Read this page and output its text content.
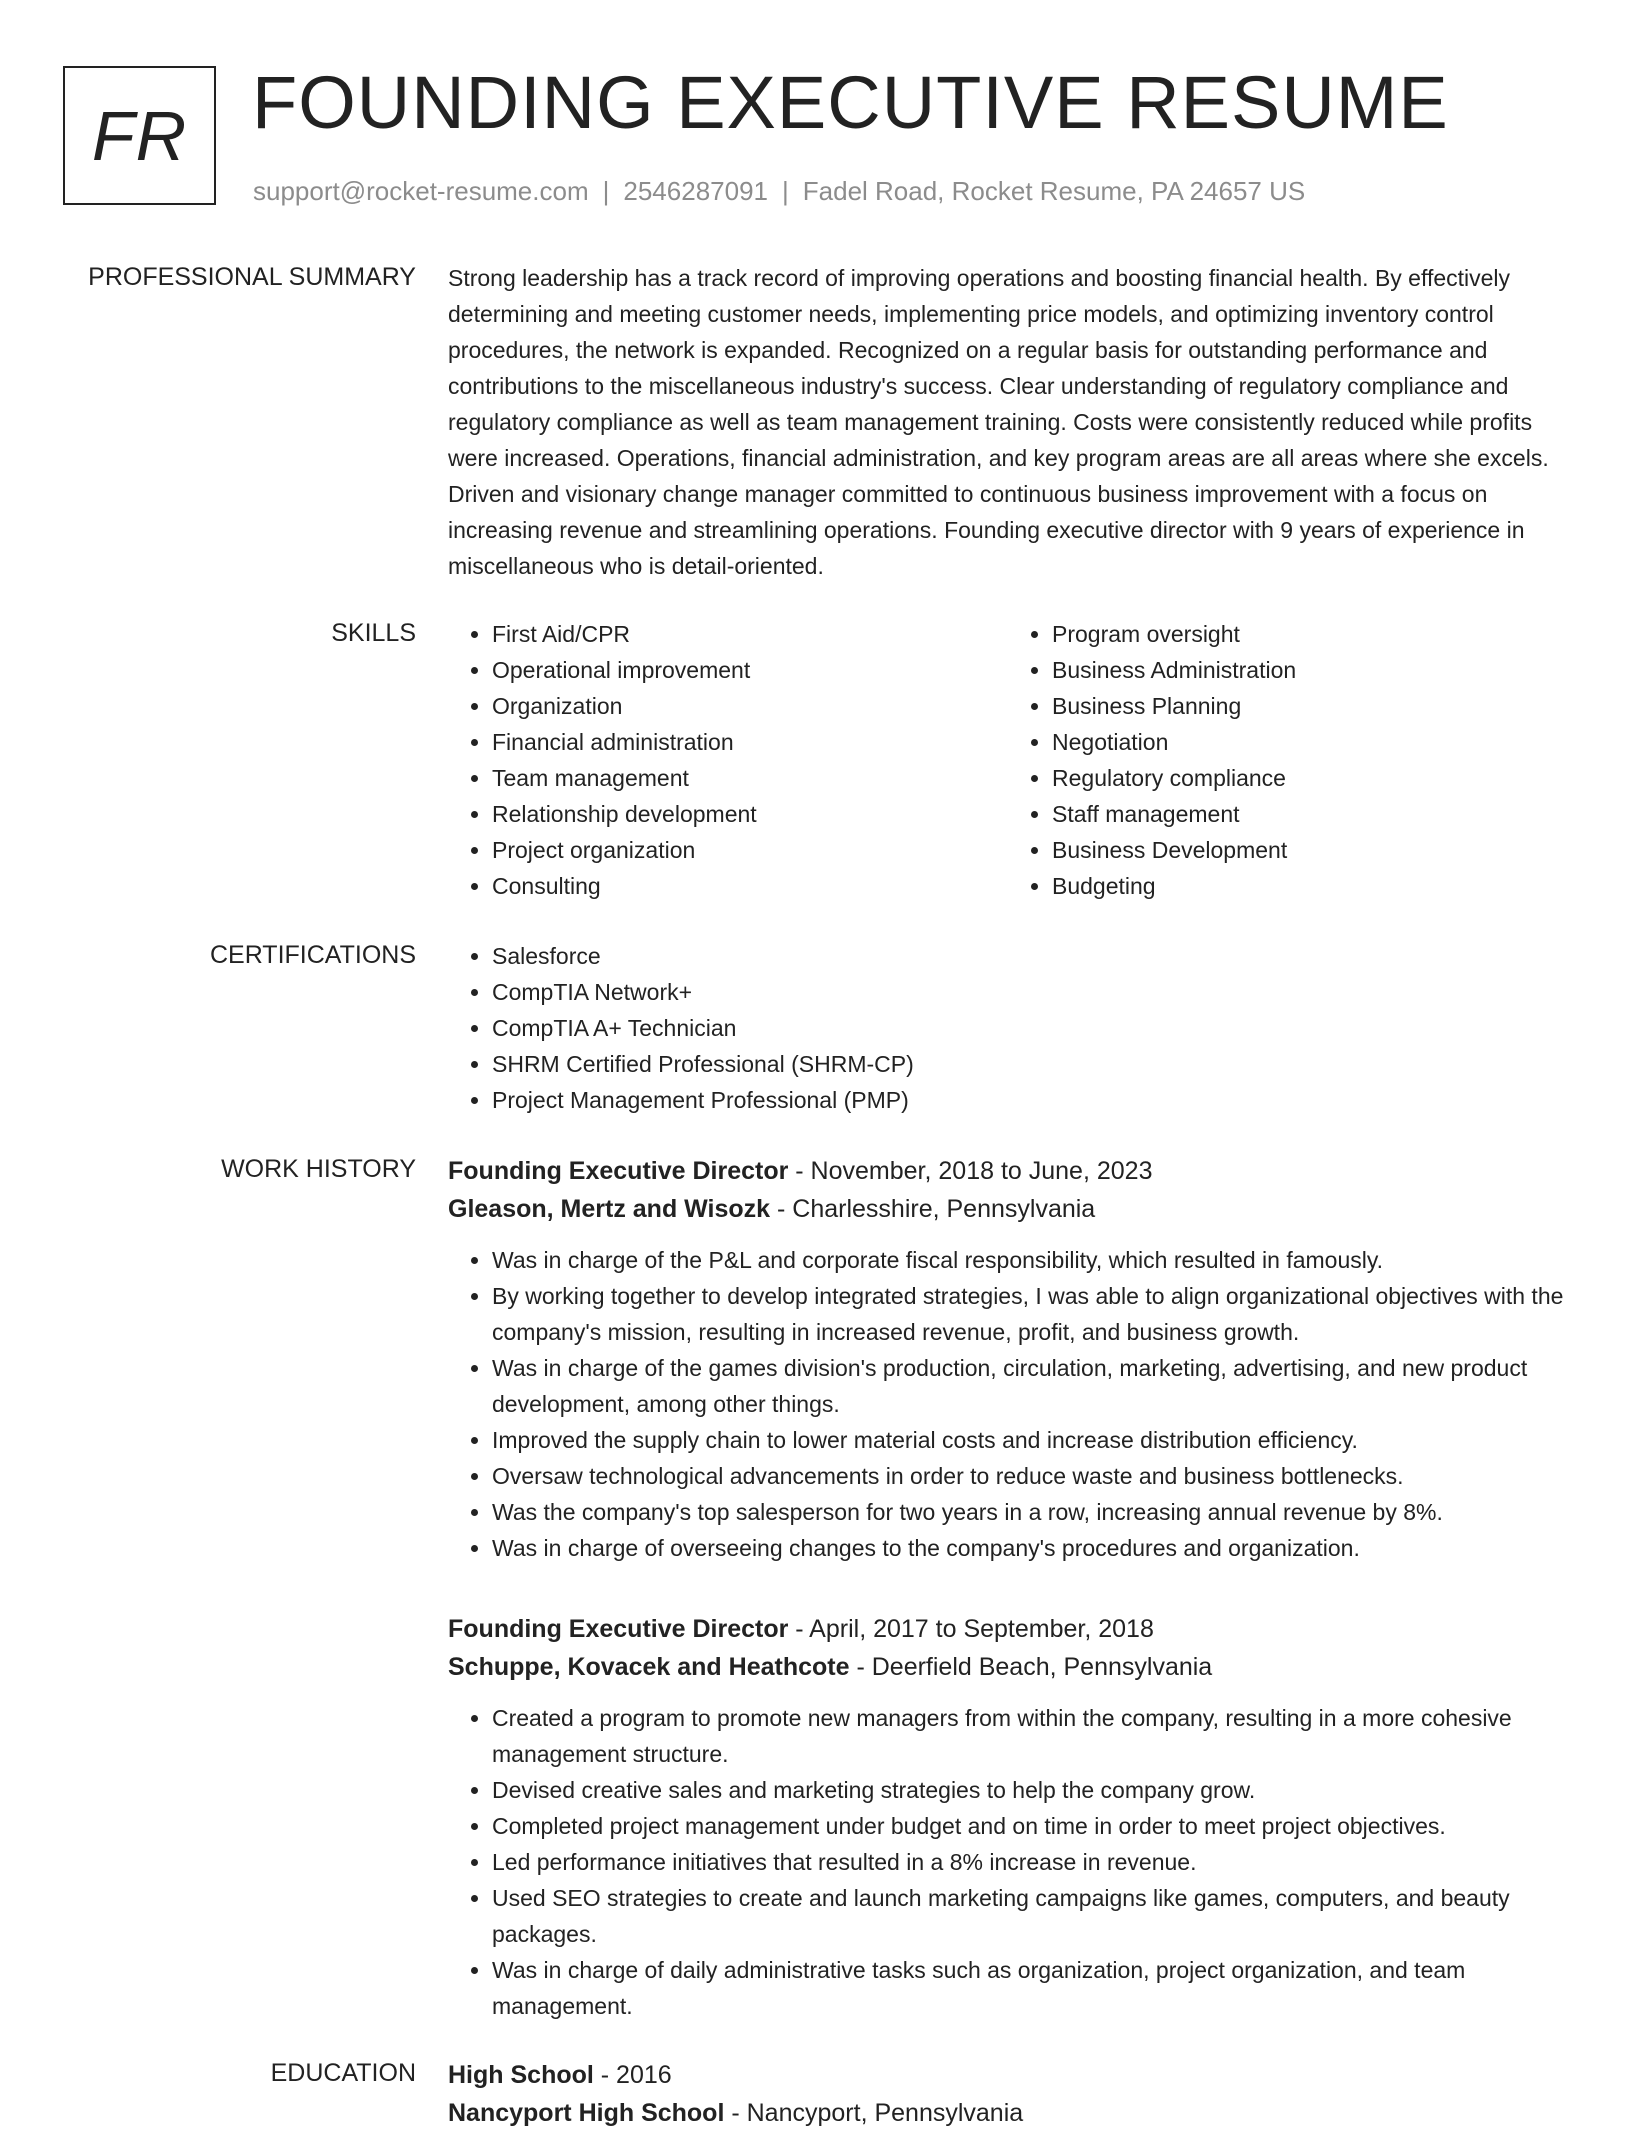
FR FOUNDING EXECUTIVE RESUME
support@rocket-resume.com | 2546287091 | Fadel Road, Rocket Resume, PA 24657 US
PROFESSIONAL SUMMARY Strong leadership has a track record of improving operations and boosting financial health. By effectively determining and meeting customer needs, implementing price models, and optimizing inventory control procedures, the network is expanded. Recognized on a regular basis for outstanding performance and contributions to the miscellaneous industry's success. Clear understanding of regulatory compliance and regulatory compliance as well as team management training. Costs were consistently reduced while profits were increased. Operations, financial administration, and key program areas are all areas where she excels. Driven and visionary change manager committed to continuous business improvement with a focus on increasing revenue and streamlining operations. Founding executive director with 9 years of experience in miscellaneous who is detail-oriented.

SKILLS	• First Aid/CPR
• Operational improvement
• Organization
• Financial administration
• Team management
• Relationship development
• Project organization
• Consulting
• Program oversight
• Business Administration
• Business Planning
• Negotiation
• Regulatory compliance
• Staff management
• Business Development
• Budgeting
CERTIFICATIONS	• Salesforce
• CompTIA Network+
• CompTIA A+ Technician
• SHRM Certified Professional (SHRM-CP)
• Project Management Professional (PMP)
WORK HISTORY Founding Executive Director - November, 2018 to June, 2023
Gleason, Mertz and Wisozk - Charlesshire, Pennsylvania
• Was in charge of the P&L and corporate fiscal responsibility, which resulted in famously.
• By working together to develop integrated strategies, I was able to align organizational objectives with the company's mission, resulting in increased revenue, profit, and business growth.
• Was in charge of the games division's production, circulation, marketing, advertising, and new product development, among other things.
• Improved the supply chain to lower material costs and increase distribution efficiency.
• Oversaw technological advancements in order to reduce waste and business bottlenecks.
• Was the company's top salesperson for two years in a row, increasing annual revenue by 8%.
• Was in charge of overseeing changes to the company's procedures and organization.
Founding Executive Director - April, 2017 to September, 2018
Schuppe, Kovacek and Heathcote - Deerfield Beach, Pennsylvania
• Created a program to promote new managers from within the company, resulting in a more cohesive management structure.
• Devised creative sales and marketing strategies to help the company grow.
• Completed project management under budget and on time in order to meet project objectives.
• Led performance initiatives that resulted in a 8% increase in revenue.
• Used SEO strategies to create and launch marketing campaigns like games, computers, and beauty packages.
• Was in charge of daily administrative tasks such as organization, project organization, and team management.
EDUCATION High School - 2016
Nancyport High School - Nancyport, Pennsylvania
